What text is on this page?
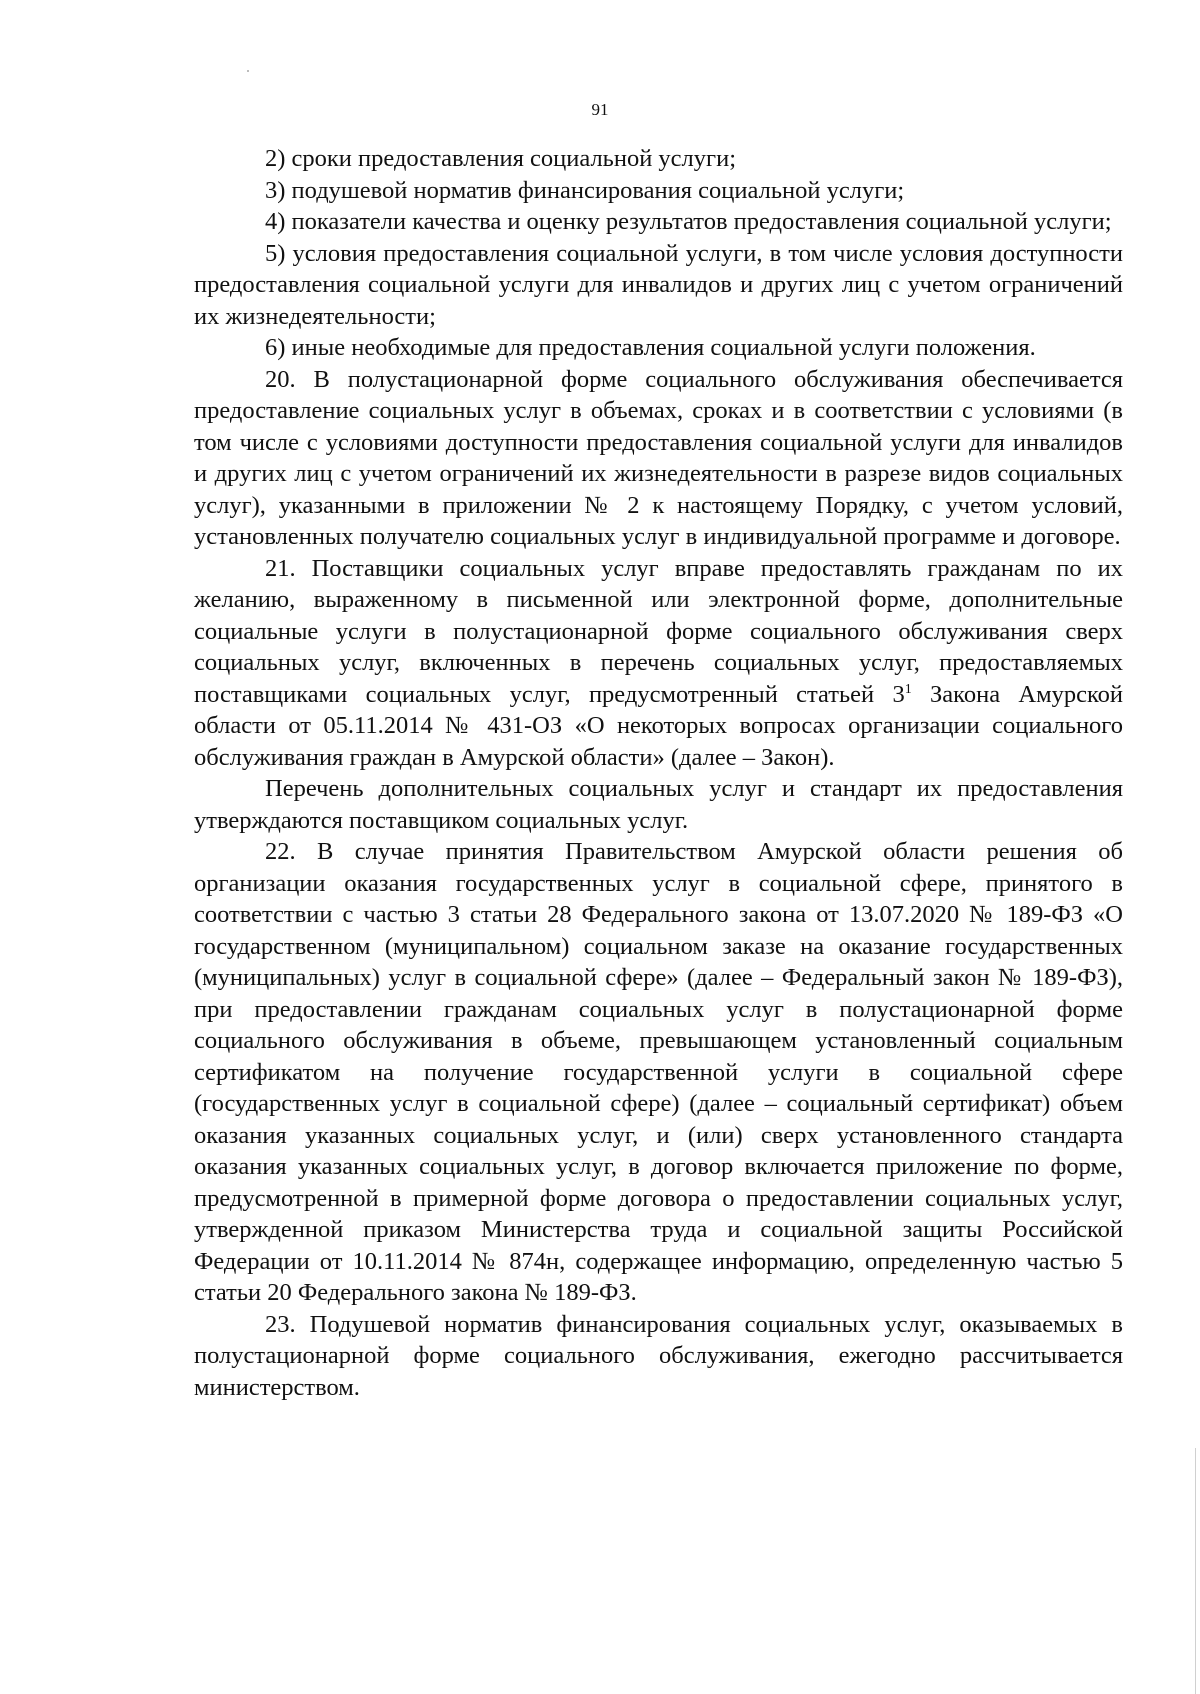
91

2) сроки предоставления социальной услуги;

3) подушевой норматив финансирования социальной услуги;

4) показатели качества и оценку результатов предоставления социальной услуги;

5) условия предоставления социальной услуги, в том числе условия доступности предоставления социальной услуги для инвалидов и других лиц с учетом ограничений их жизнедеятельности;

6) иные необходимые для предоставления социальной услуги положения.

20. В полустационарной форме социального обслуживания обеспечивается предоставление социальных услуг в объемах, сроках и в соответствии с условиями (в том числе с условиями доступности предоставления социальной услуги для инвалидов и других лиц с учетом ограничений их жизнедеятельности в разрезе видов социальных услуг), указанными в приложении № 2 к настоящему Порядку, с учетом условий, установленных получателю социальных услуг в индивидуальной программе и договоре.

21. Поставщики социальных услуг вправе предоставлять гражданам по их желанию, выраженному в письменной или электронной форме, дополнительные социальные услуги в полустационарной форме социального обслуживания сверх социальных услуг, включенных в перечень социальных услуг, предоставляемых поставщиками социальных услуг, предусмотренный статьей $3^1$ Закона Амурской области от 05.11.2014 № 431-ОЗ «О некоторых вопросах организации социального обслуживания граждан в Амурской области» (далее – Закон).

Перечень дополнительных социальных услуг и стандарт их предоставления утверждаются поставщиком социальных услуг.

22. В случае принятия Правительством Амурской области решения об организации оказания государственных услуг в социальной сфере, принятого в соответствии с частью 3 статьи 28 Федерального закона от 13.07.2020 № 189-ФЗ «О государственном (муниципальном) социальном заказе на оказание государственных (муниципальных) услуг в социальной сфере» (далее – Федеральный закон № 189-ФЗ), при предоставлении гражданам социальных услуг в полустационарной форме социального обслуживания в объеме, превышающем установленный социальным сертификатом на получение государственной услуги в социальной сфере (государственных услуг в социальной сфере) (далее – социальный сертификат) объем оказания указанных социальных услуг, и (или) сверх установленного стандарта оказания указанных социальных услуг, в договор включается приложение по форме, предусмотренной в примерной форме договора о предоставлении социальных услуг, утвержденной приказом Министерства труда и социальной защиты Российской Федерации от 10.11.2014 № 874н, содержащее информацию, определенную частью 5 статьи 20 Федерального закона № 189-ФЗ.

23. Подушевой норматив финансирования социальных услуг, оказываемых в полустационарной форме социального обслуживания, ежегодно рассчитывается министерством.
